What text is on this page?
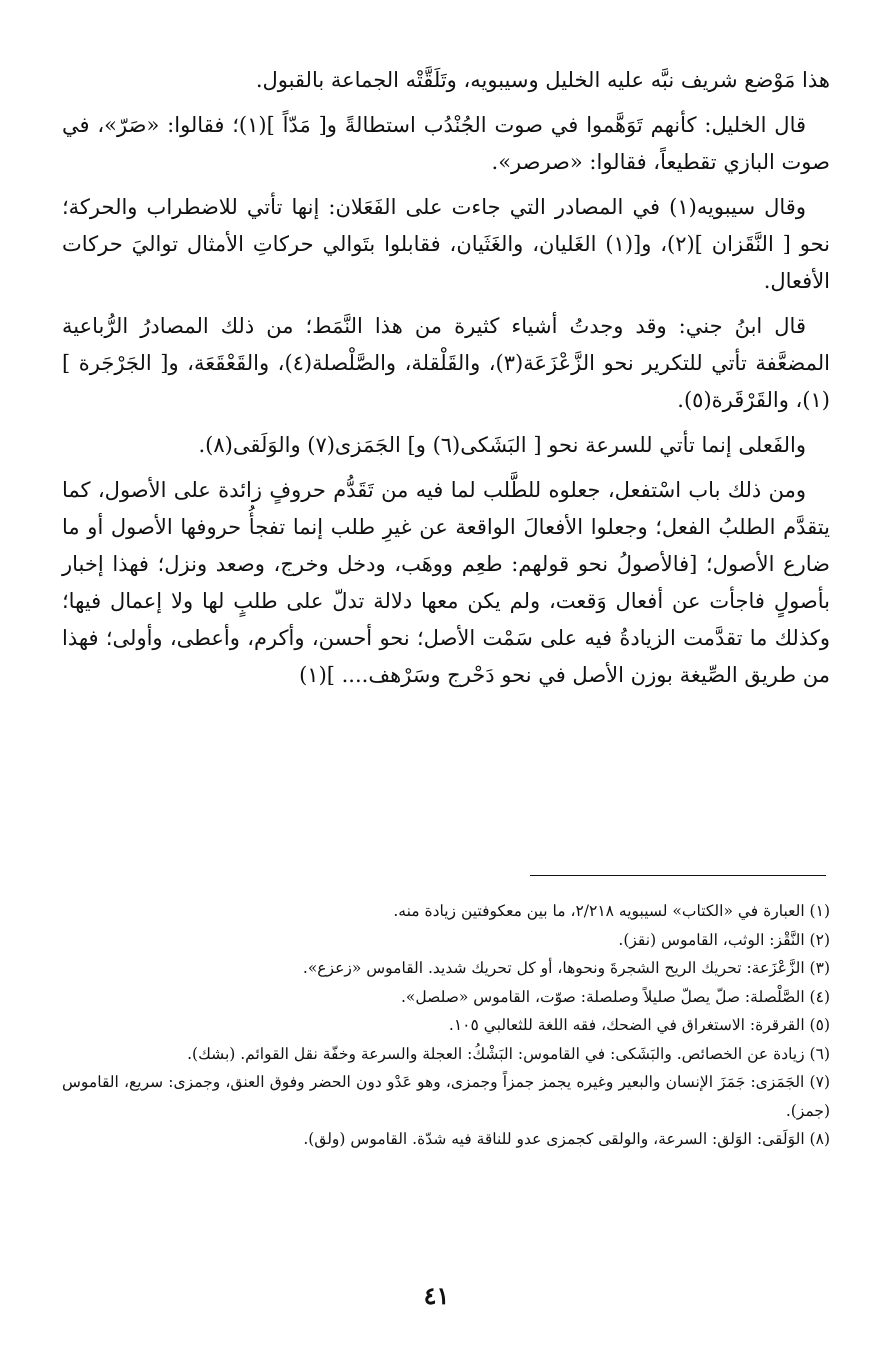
هذا مَوْضع شريف نبَّه عليه الخليل وسيبويه، وتَلَقَّتْه الجماعة بالقبول.

قال الخليل: كأنهم تَوَهَّموا في صوت الجُنْدُب استطالةً و[ مَدّاً ](١)؛ فقالوا: «صَرّ»، في صوت البازي تقطيعاً، فقالوا: «صرصر».

وقال سيبويه(١) في المصادر التي جاءت على الفَعَلان: إنها تأتي للاضطراب والحركة؛ نحو [ النَّقَزان ](٢)، و[(١) الغَليان، والغَثَيان، فقابلوا بتَوالي حركاتِ الأمثال تواليَ حركات الأفعال.

قال ابنُ جني: وقد وجدتُ أشياء كثيرة من هذا النَّمَط؛ من ذلك المصادرُ الرُّباعية المضعَّفة تأتي للتكرير نحو الزَّعْزَعَة(٣)، والقَلْقلة، والصَّلْصلة(٤)، والقَعْقَعَة، و[ الجَرْجَرة ](١)، والقَرْقَرة(٥).

والفَعلى إنما تأتي للسرعة نحو [ البَشَكى(٦) و] الجَمَزى(٧) والوَلَقى(٨).

ومن ذلك باب اسْتفعل، جعلوه للطَّلب لما فيه من تَقَدُّم حروفٍ زائدة على الأصول، كما يتقدَّم الطلبُ الفعل؛ وجعلوا الأفعالَ الواقعة عن غيرِ طلب إنما تفجأُ حروفها الأصول أو ما ضارع الأصول؛ [فالأصولُ نحو قولهم: طعِم ووهَب، ودخل وخرج، وصعد ونزل؛ فهذا إخبار بأصولٍ فاجأت عن أفعال وَقعت، ولم يكن معها دلالة تدلّ على طلبٍ لها ولا إعمال فيها؛ وكذلك ما تقدَّمت الزيادةُ فيه على سَمْت الأصل؛ نحو أحسن، وأكرم، وأعطى، وأولى؛ فهذا من طريق الصِّيغة بوزن الأصل في نحو دَحْرج وسَرْهف.... ](١)

(١) العبارة في «الكتاب» لسيبويه ٢/٢١٨، ما بين معكوفتين زيادة منه.

(٢) النَّقْز: الوثب، القاموس (نقز).

(٣) الزَّعْزَعة: تحريك الريح الشجرةَ ونحوها، أو كل تحريك شديد. القاموس «زعزع».

(٤) الصَّلْصلة: صلّ يصلّ صليلاً وصلصلة: صوّت، القاموس «صلصل».

(٥) القرقرة: الاستغراق في الضحك، فقه اللغة للثعالبي ١٠٥.

(٦) زيادة عن الخصائص. والبَشَكى: في القاموس: البَشْكُ: العجلة والسرعة وخفّة نقل القوائم. (بشك).

(٧) الجَمَزى: جَمَزَ الإنسان والبعير وغيره يجمز جمزاً وجمزى، وهو عَدْو دون الحضر وفوق العنق، وجمزى: سريع، القاموس (جمز).

(٨) الوَلَقى: الوَلق: السرعة، والولقى كجمزى عدو للناقة فيه شدّة. القاموس (ولق).

٤١
